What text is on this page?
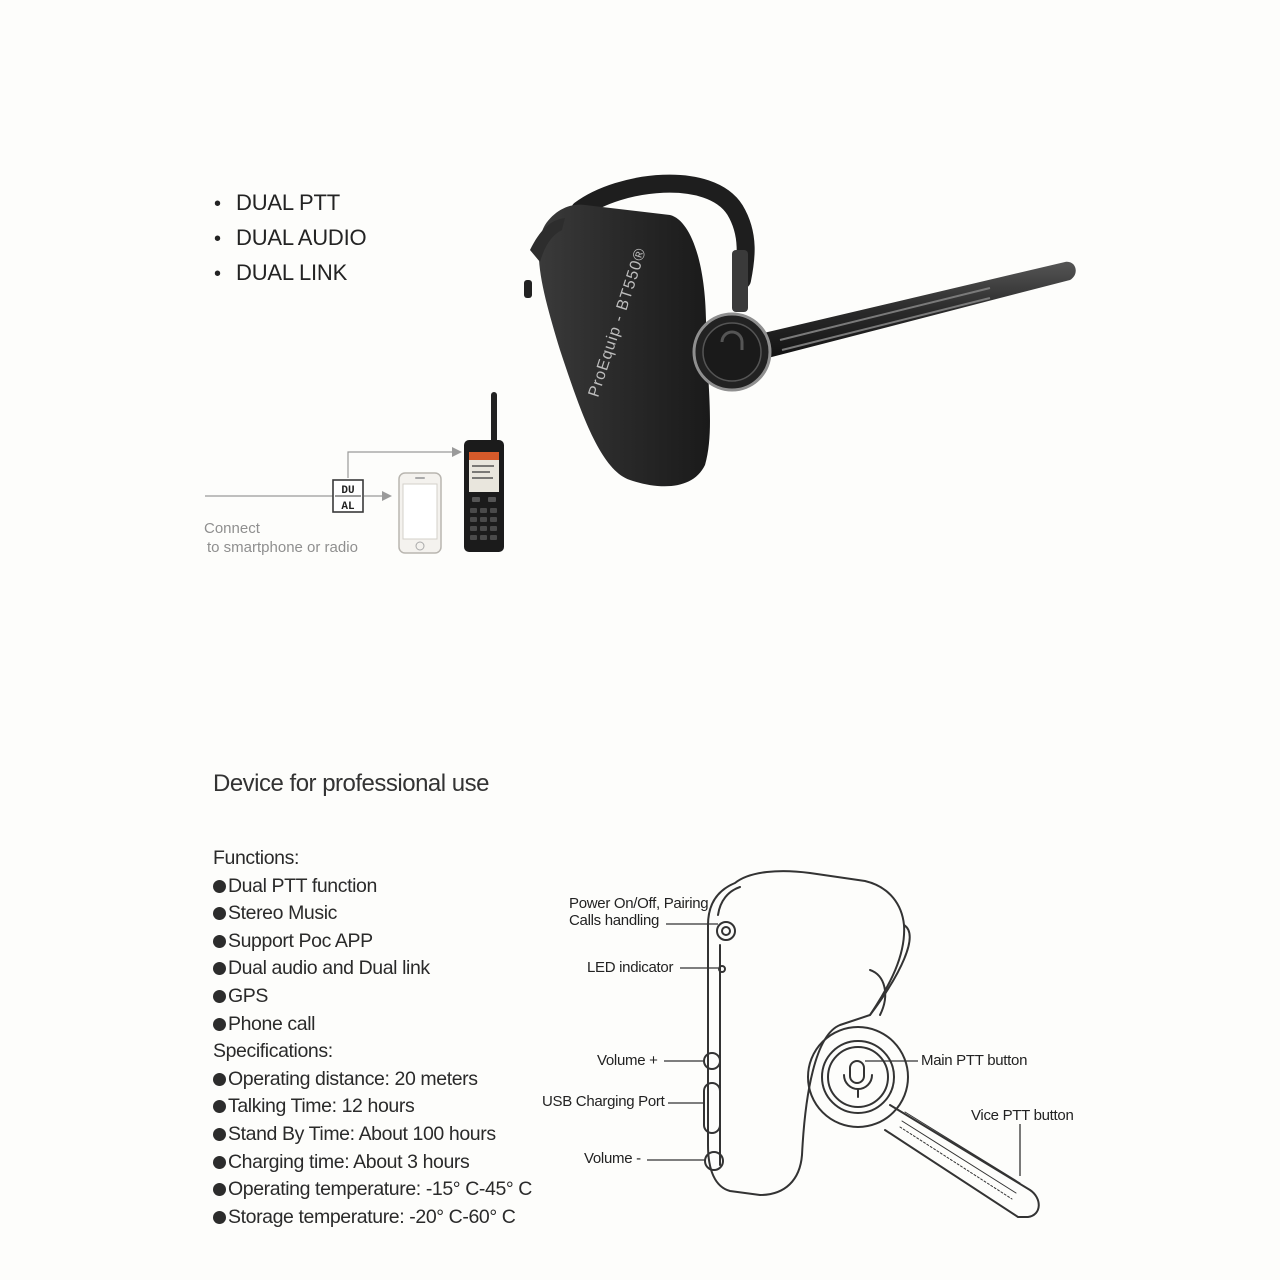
• DUAL PTT
• DUAL AUDIO
• DUAL LINK
DU
AL
Connect
to smartphone or radio
ProEquip - BT550®
Device for professional use
Functions:
Dual PTT function
Stereo Music
Support Poc APP
Dual audio and Dual link
GPS
Phone call
Specifications:
Operating distance: 20 meters
Talking Time: 12 hours
Stand By Time: About 100 hours
Charging time: About 3 hours
Operating temperature: -15° C-45° C
Storage temperature: -20° C-60° C
Power On/Off, Pairing
Calls handling
LED indicator
Volume +
USB Charging Port
Volume -
Main PTT button
Vice PTT button
